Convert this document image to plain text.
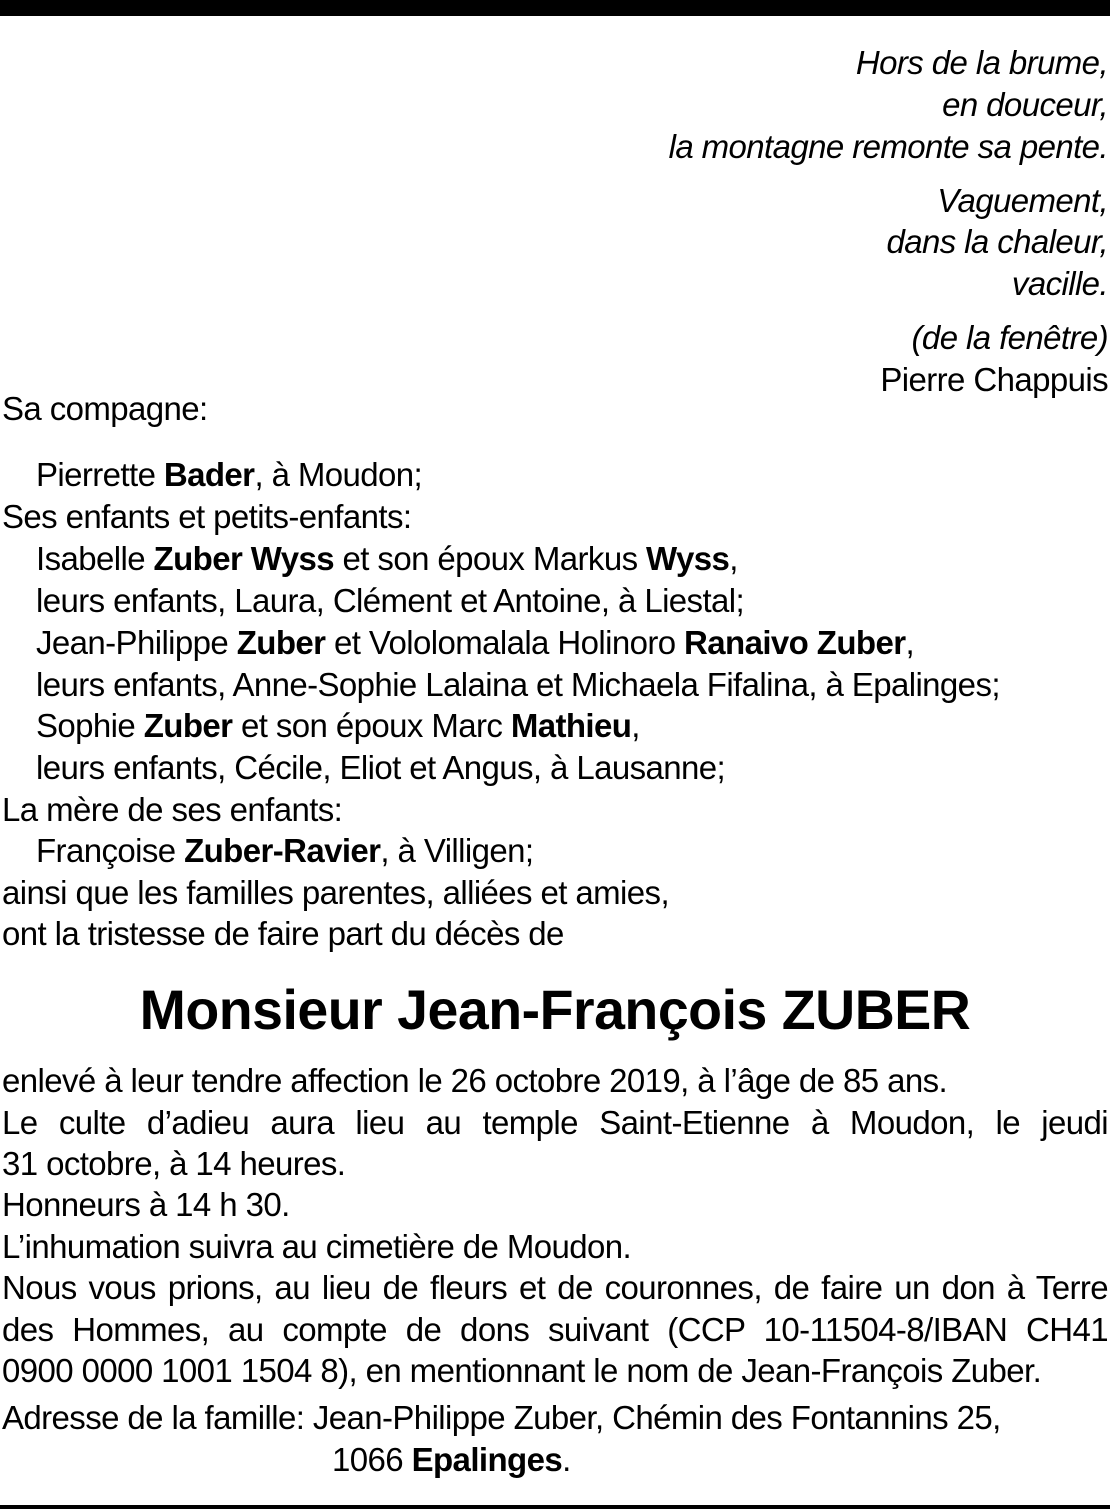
Hors de la brume,
en douceur,
la montagne remonte sa pente.
Vaguement,
dans la chaleur,
vacille.
(de la fenêtre)
Pierre Chappuis
Sa compagne:
Pierrette Bader, à Moudon;
Ses enfants et petits-enfants:
Isabelle Zuber Wyss et son époux Markus Wyss,
leurs enfants, Laura, Clément et Antoine, à Liestal;
Jean-Philippe Zuber et Vololomalala Holinoro Ranaivo Zuber,
leurs enfants, Anne-Sophie Lalaina et Michaela Fifalina, à Epalinges;
Sophie Zuber et son époux Marc Mathieu,
leurs enfants, Cécile, Eliot et Angus, à Lausanne;
La mère de ses enfants:
Françoise Zuber-Ravier, à Villigen;
ainsi que les familles parentes, alliées et amies,
ont la tristesse de faire part du décès de
Monsieur Jean-François ZUBER
enlevé à leur tendre affection le 26 octobre 2019, à l’âge de 85 ans.
Le culte d’adieu aura lieu au temple Saint-Etienne à Moudon, le jeudi
31 octobre, à 14 heures.
Honneurs à 14 h 30.
L’inhumation suivra au cimetière de Moudon.
Nous vous prions, au lieu de fleurs et de couronnes, de faire un don à Terre
des Hommes, au compte de dons suivant (CCP 10-11504-8/IBAN CH41
0900 0000 1001 1504 8), en mentionnant le nom de Jean-François Zuber.
Adresse de la famille: Jean-Philippe Zuber, Chémin des Fontannins 25,
1066 Epalinges.
